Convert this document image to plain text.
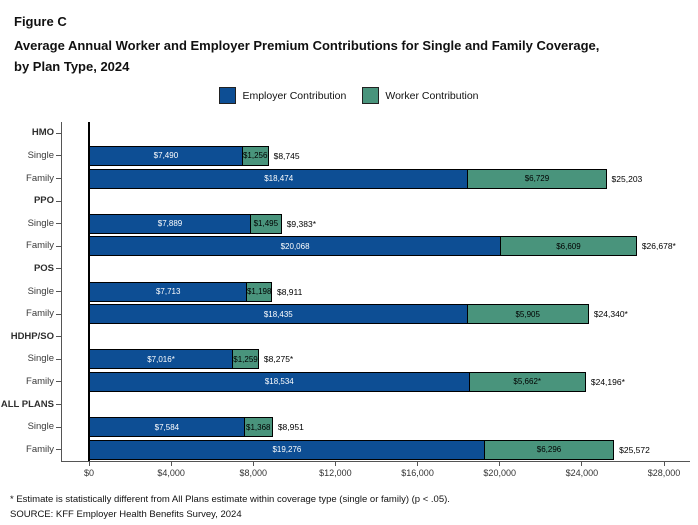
Figure C
Average Annual Worker and Employer Premium Contributions for Single and Family Coverage,
by Plan Type, 2024
Employer Contribution	Worker Contribution
HMO
Single	$7,490	$1,256 $8,745
Family	$18,474	$6,729	$25,203
PPO
Single	$7,889	$1,495 $9,383*
Family	$20,068	$6,609	$26,678*
POS
Single	$7,713	$1,198 $8,911
Family	$18,435	$5,905	$24,340*
HDHP/SO
Single	$7,016*	$1,259 $8,275*
Family	$18,534	$5,662*	$24,196*
ALL PLANS
Single	$7,584	$1,368 $8,951
Family	$19,276	$6,296	$25,572
$0	$4,000	$8,000	$12,000	$16,000	$20,000	$24,000	$28,000
* Estimate is statistically different from All Plans estimate within coverage type (single or family) (p < .05).
SOURCE: KFF Employer Health Benefits Survey, 2024
